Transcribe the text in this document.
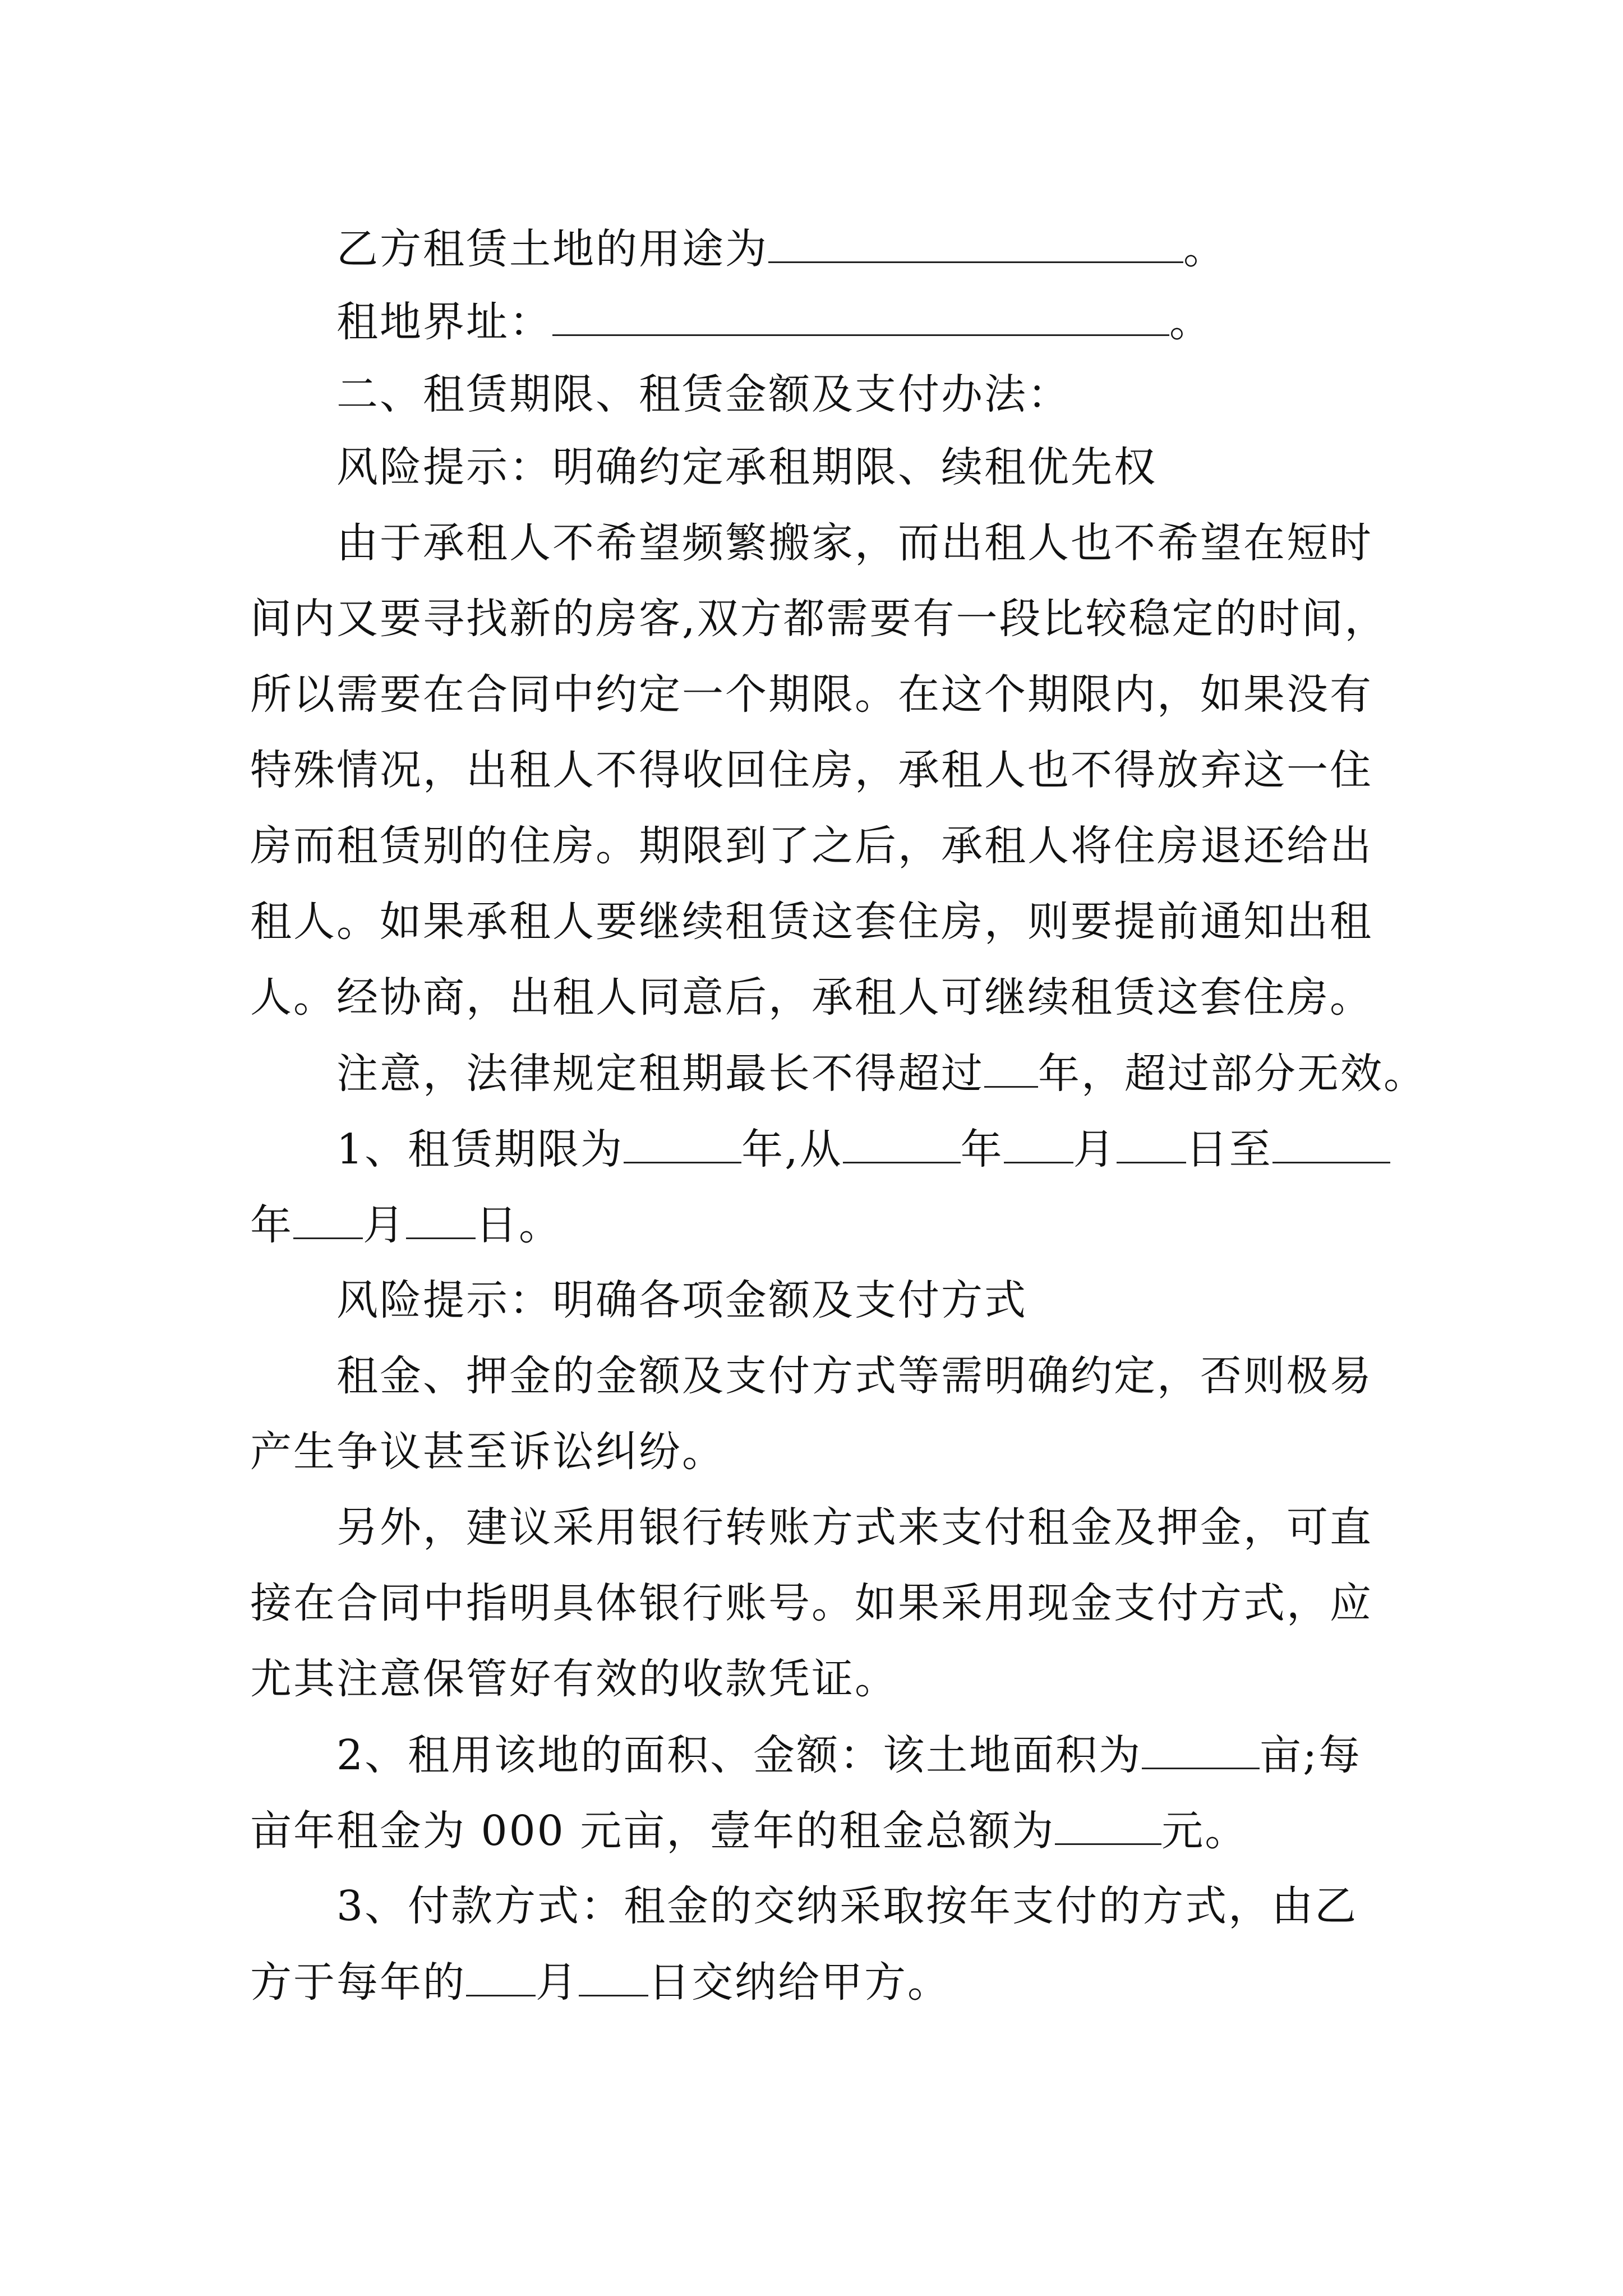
乙方租赁土地的用途为	。
租地界址：	。
二、租赁期限、租赁金额及支付办法：
风险提示：明确约定承租期限、续租优先权
由于承租人不希望频繁搬家，而出租人也不希望在短时
间内又要寻找新的房客,双方都需要有一段比较稳定的时间，
所以需要在合同中约定一个期限。在这个期限内，如果没有
特殊情况，出租人不得收回住房，承租人也不得放弃这一住
房而租赁别的住房。期限到了之后，承租人将住房退还给出
租人。如果承租人要继续租赁这套住房，则要提前通知出租
人。经协商，出租人同意后，承租人可继续租赁这套住房。
注意，法律规定租期最长不得超过 年，超过部分无效。
1、租赁期限为	年,从	年 月 日至
年 月 日。
风险提示：明确各项金额及支付方式
租金、押金的金额及支付方式等需明确约定，否则极易
产生争议甚至诉讼纠纷。
另外，建议采用银行转账方式来支付租金及押金，可直
接在合同中指明具体银行账号。如果采用现金支付方式，应
尤其注意保管好有效的收款凭证。
2、租用该地的面积、金额：该土地面积为	亩;每
亩年租金为 000 元亩，壹年的租金总额为	元。
3、付款方式：租金的交纳采取按年支付的方式，由乙
方于每年的 月 日交纳给甲方。
